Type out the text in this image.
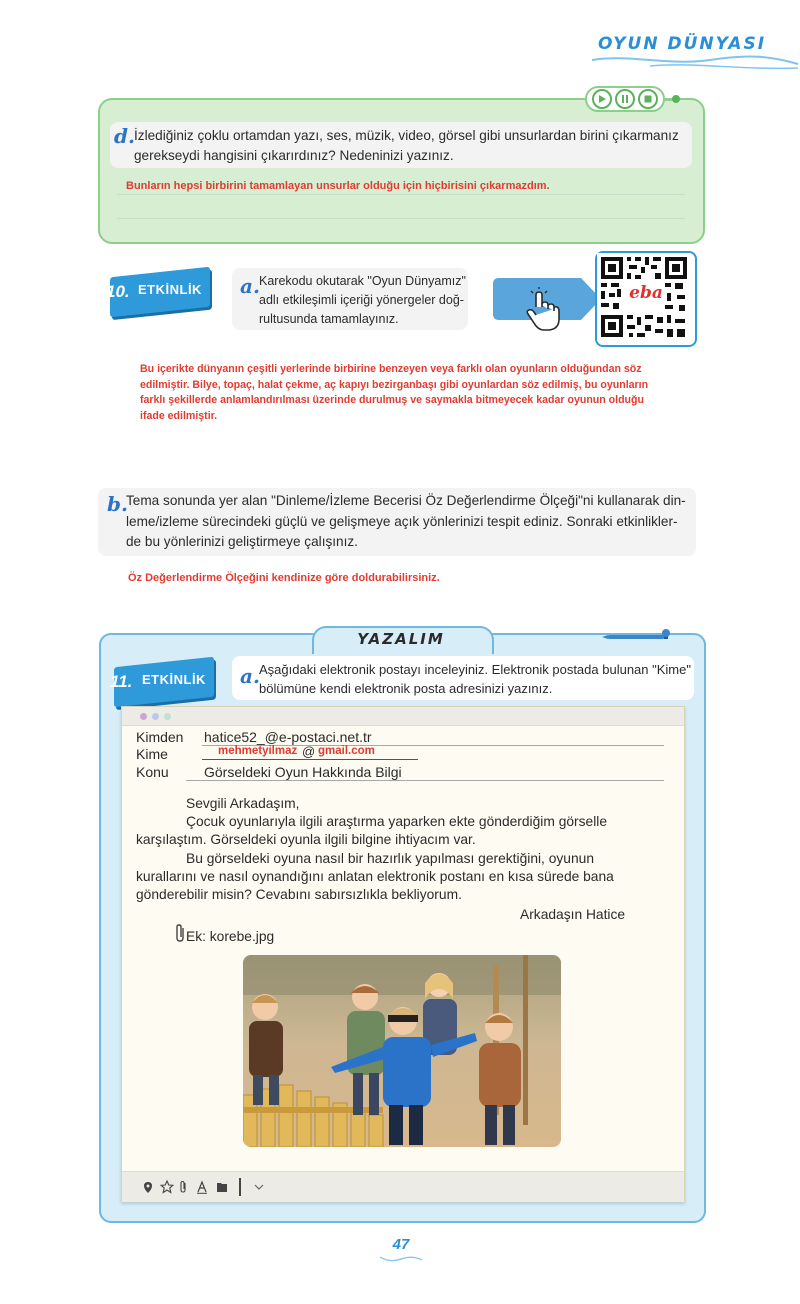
OYUN DÜNYASI
d. İzlediğiniz çoklu ortamdan yazı, ses, müzik, video, görsel gibi unsurlardan birini çıkarmanız
gerekseydi hangisini çıkarırdınız? Nedeninizi yazınız.
Bunların hepsi birbirini tamamlayan unsurlar olduğu için hiçbirisini çıkarmazdım.
10. ETKİNLİK a. Karekodu okutarak "Oyun Dünyamız"
adlı etkileşimli içeriği yönergeler doğ-
rultusunda tamamlayınız.
eba
Bu içerikte dünyanın çeşitli yerlerinde birbirine benzeyen veya farklı olan oyunların olduğundan söz
edilmiştir. Bilye, topaç, halat çekme, aç kapıyı bezirganbaşı gibi oyunlardan söz edilmiş, bu oyunların
farklı şekillerde anlamlandırılması üzerinde durulmuş ve saymakla bitmeyecek kadar oyunun olduğu
ifade edilmiştir.
b.
Tema sonunda yer alan "Dinleme/İzleme Becerisi Öz Değerlendirme Ölçeği"ni kullanarak din-
leme/izleme sürecindeki güçlü ve gelişmeye açık yönlerinizi tespit ediniz. Sonraki etkinlikler-
de bu yönlerinizi geliştirmeye çalışınız.
Öz Değerlendirme Ölçeğini kendinize göre doldurabilirsiniz.
YAZALIM
11. ETKİNLİK a. Aşağıdaki elektronik postayı inceleyiniz. Elektronik postada bulunan "Kime"
bölümüne kendi elektronik posta adresinizi yazınız.
Kimden hatice52_@e-postaci.net.tr
Kime	mehmetyilmaz @ gmail.com
Konu	Görseldeki Oyun Hakkında Bilgi
Sevgili Arkadaşım,
Çocuk oyunlarıyla ilgili araştırma yaparken ekte gönderdiğim görselle
karşılaştım. Görseldeki oyunla ilgili bilgine ihtiyacım var.
Bu görseldeki oyuna nasıl bir hazırlık yapılması gerektiğini, oyunun
kurallarını ve nasıl oynandığını anlatan elektronik postanı en kısa sürede bana
gönderebilir misin? Cevabını sabırsızlıkla bekliyorum.
Arkadaşın Hatice
Ek: korebe.jpg
47
